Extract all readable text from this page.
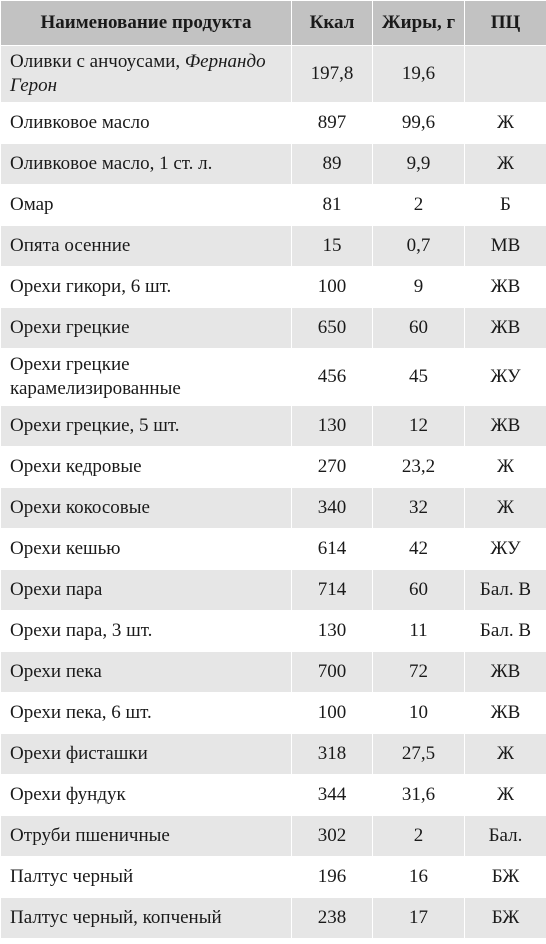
Наименование продукта	Ккал	Жиры, г	ПЦ
Оливки с анчоусами, Фернандо Герон	197,8	19,6	
Оливковое масло	897	99,6	Ж
Оливковое масло, 1 ст. л.	89	9,9	Ж
Омар	81	2	Б
Опята осенние	15	0,7	МВ
Орехи гикори, 6 шт.	100	9	ЖВ
Орехи грецкие	650	60	ЖВ
Орехи грецкие карамелизированные	456	45	ЖУ
Орехи грецкие, 5 шт.	130	12	ЖВ
Орехи кедровые	270	23,2	Ж
Орехи кокосовые	340	32	Ж
Орехи кешью	614	42	ЖУ
Орехи пара	714	60	Бал. В
Орехи пара, 3 шт.	130	11	Бал. В
Орехи пека	700	72	ЖВ
Орехи пека, 6 шт.	100	10	ЖВ
Орехи фисташки	318	27,5	Ж
Орехи фундук	344	31,6	Ж
Отруби пшеничные	302	2	Бал.
Палтус черный	196	16	БЖ
Палтус черный, копченый	238	17	БЖ
